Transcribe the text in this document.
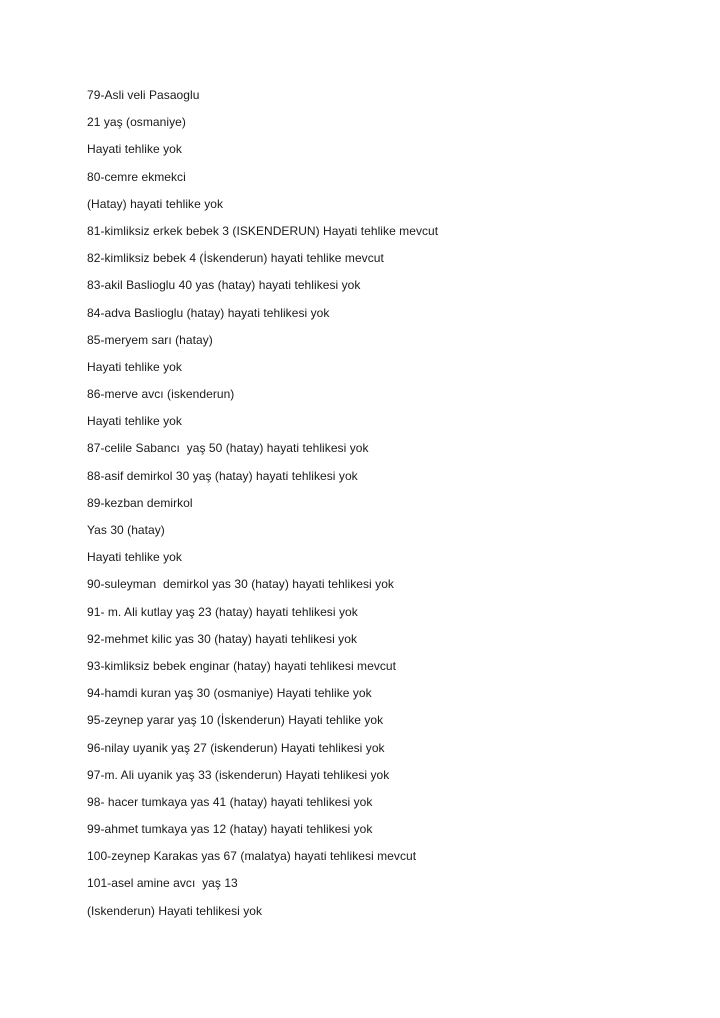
79-Asli veli Pasaoglu
21 yaş (osmaniye)
Hayati tehlike yok
80-cemre ekmekci
(Hatay) hayati tehlike yok
81-kimliksiz erkek bebek 3 (ISKENDERUN) Hayati tehlike mevcut
82-kimliksiz bebek 4 (İskenderun) hayati tehlike mevcut
83-akil Baslioglu 40 yas (hatay) hayati tehlikesi yok
84-adva Baslioglu (hatay) hayati tehlikesi yok
85-meryem sarı (hatay)
Hayati tehlike yok
86-merve avcı (iskenderun)
Hayati tehlike yok
87-celile Sabancı  yaş 50 (hatay) hayati tehlikesi yok
88-asif demirkol 30 yaş (hatay) hayati tehlikesi yok
89-kezban demirkol
Yas 30 (hatay)
Hayati tehlike yok
90-suleyman  demirkol yas 30 (hatay) hayati tehlikesi yok
91- m. Ali kutlay yaş 23 (hatay) hayati tehlikesi yok
92-mehmet kilic yas 30 (hatay) hayati tehlikesi yok
93-kimliksiz bebek enginar (hatay) hayati tehlikesi mevcut
94-hamdi kuran yaş 30 (osmaniye) Hayati tehlike yok
95-zeynep yarar yaş 10 (İskenderun) Hayati tehlike yok
96-nilay uyanik yaş 27 (iskenderun) Hayati tehlikesi yok
97-m. Ali uyanik yaş 33 (iskenderun) Hayati tehlikesi yok
98- hacer tumkaya yas 41 (hatay) hayati tehlikesi yok
99-ahmet tumkaya yas 12 (hatay) hayati tehlikesi yok
100-zeynep Karakas yas 67 (malatya) hayati tehlikesi mevcut
101-asel amine avcı  yaş 13
(Iskenderun) Hayati tehlikesi yok
